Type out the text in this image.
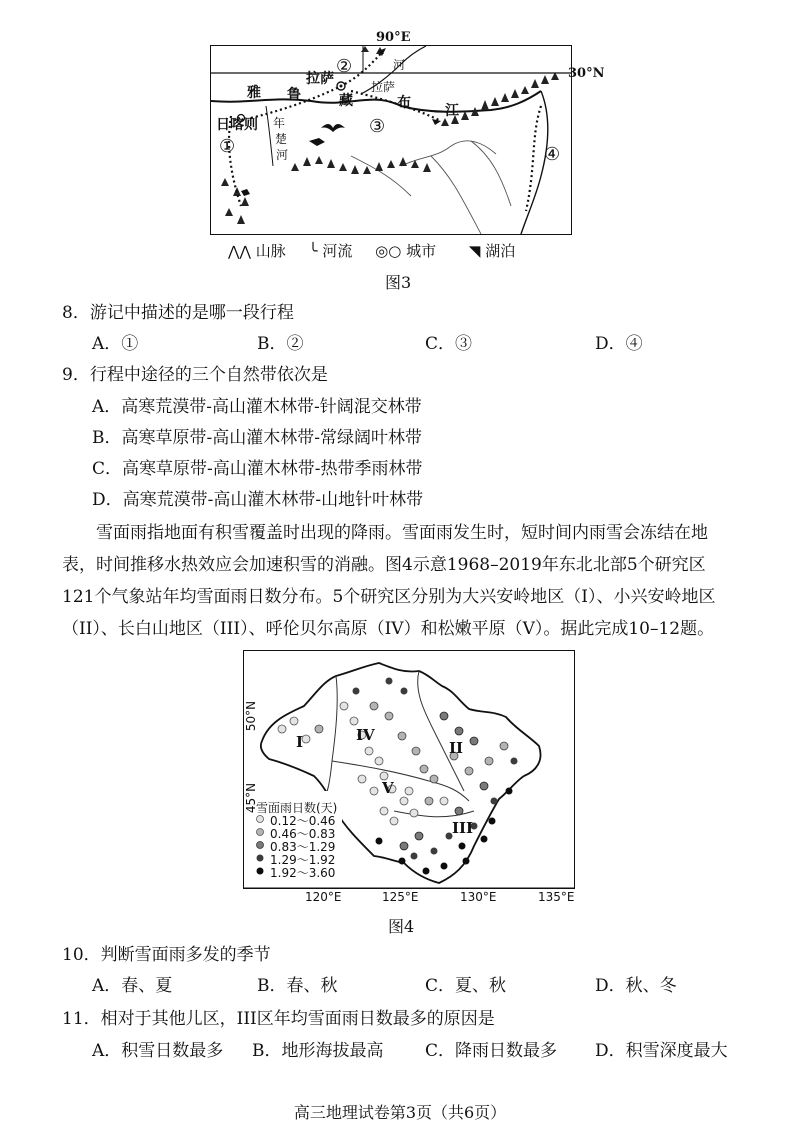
拉萨
日喀则
雅 鲁	藏	布 江
拉萨
河
年
楚
河
①
②
③
④
90°E
30°N
⋀⋀ 山脉 ╰ 河流 ◎○ 城市 ◥ 湖泊
图3
8．游记中描述的是哪一段行程
A．①	B．②	C．③	D．④
9．行程中途径的三个自然带依次是
A．高寒荒漠带-高山灌木林带-针阔混交林带
B．高寒草原带-高山灌木林带-常绿阔叶林带
C．高寒草原带-高山灌木林带-热带季雨林带
D．高寒荒漠带-高山灌木林带-山地针叶林带
雪面雨指地面有积雪覆盖时出现的降雨。雪面雨发生时，短时间内雨雪会冻结在地
表，时间推移水热效应会加速积雪的消融。图4示意1968–2019年东北北部5个研究区
121个气象站年均雪面雨日数分布。5个研究区分别为大兴安岭地区（I）、小兴安岭地区
（II）、长白山地区（III）、呼伦贝尔高原（IV）和松嫩平原（V）。据此完成10–12题。
I	IV
II
V
III
50°N
45°N
雪面雨日数(天)
0.12～0.46
0.46～0.83
0.83～1.29
1.29～1.92
1.92～3.60
120°E	125°E	130°E	135°E
图4
10．判断雪面雨多发的季节
A．春、夏	B．春、秋	C．夏、秋	D．秋、冬
11．相对于其他儿区，III区年均雪面雨日数最多的原因是
A．积雪日数最多 B．地形海拔最高 C．降雨日数最多 D．积雪深度最大
高三地理试卷第3页（共6页）
